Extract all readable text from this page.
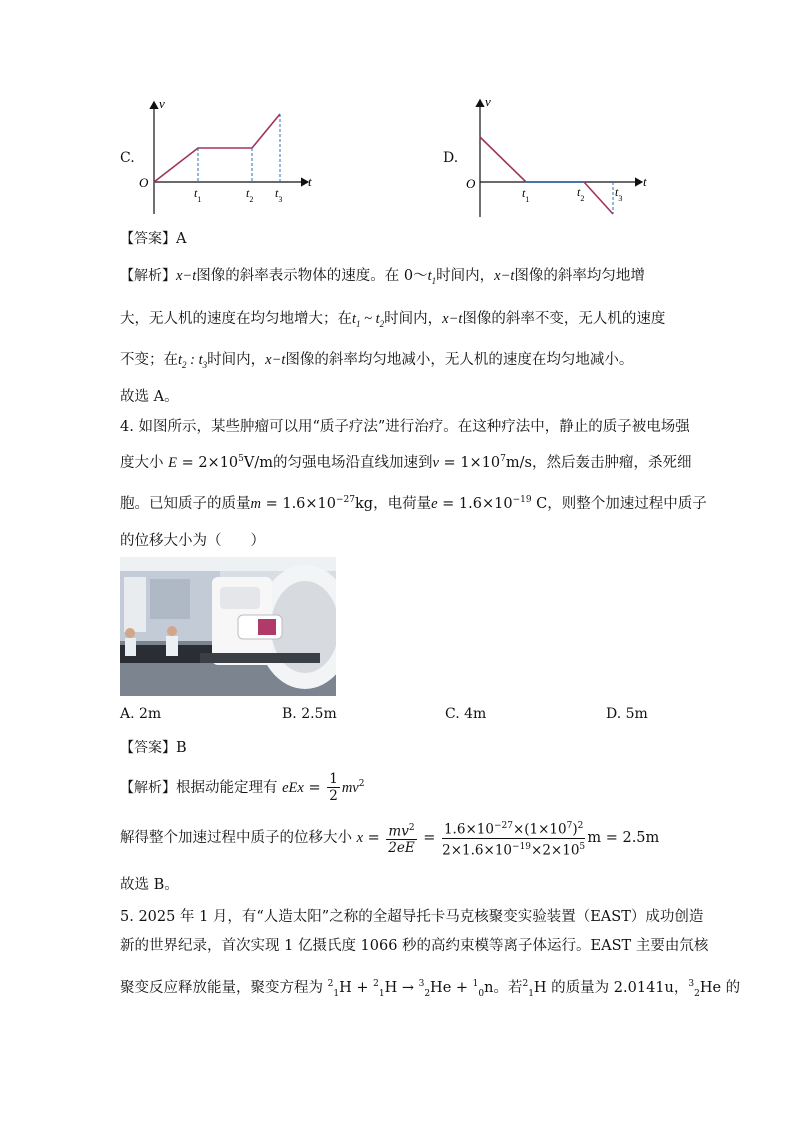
C.
v
t
O
$t_1$	$t_2$ $t_3$
D.
v
t
O
$t_1$	$t_2$	$t_3$
【答案】A
【解析】x−t图像的斜率表示物体的速度。在 $0\sim t_1$时间内，x−t图像的斜率均匀地增
大，无人机的速度在均匀地增大；在$t_1$ ~ $t_2$时间内，x−t图像的斜率不变，无人机的速度
不变；在$t_2$ : $t_3$时间内，x−t图像的斜率均匀地减小，无人机的速度在均匀地减小。
故选 A。
4. 如图所示，某些肿瘤可以用“质子疗法”进行治疗。在这种疗法中，静止的质子被电场强
度大小 $E = 2\times 10^5V/m$的匀强电场沿直线加速到$v = 1\times 10^7m/s$，然后轰击肿瘤，杀死细
胞。已知质子的质量$m = 1.6\times 10^{-27}kg$，电荷量$e = 1.6\times 10^{-19}$ C，则整个加速过程中质子
的位移大小为（　　）
A. 2m	B. 2.5m	C. 4m	D. 5m
【答案】B
【解析】根据动能定理有 eEx = $\frac{1}{2} mv^2$
解得整个加速过程中质子的位移大小 $x = \frac{mv^2}{2eE} = \frac{1.6\times 10^{-27}\times(1\times 10^7)^2}{2\times 1.6\times 10^{-19}\times 2\times 10^5}$ m = 2.5m
故选 B。
5. 2025 年 1 月，有“人造太阳”之称的全超导托卡马克核聚变实验装置（EAST）成功创造
新的世界纪录，首次实现 1 亿摄氏度 1066 秒的高约束模等离子体运行。EAST 主要由氘核
聚变反应释放能量，聚变方程为 $^2_1$H + $^2_1$H → $^3_2$He + $^1_0$n。若$^2_1$H 的质量为 2.0141u，$^3_2$He 的
